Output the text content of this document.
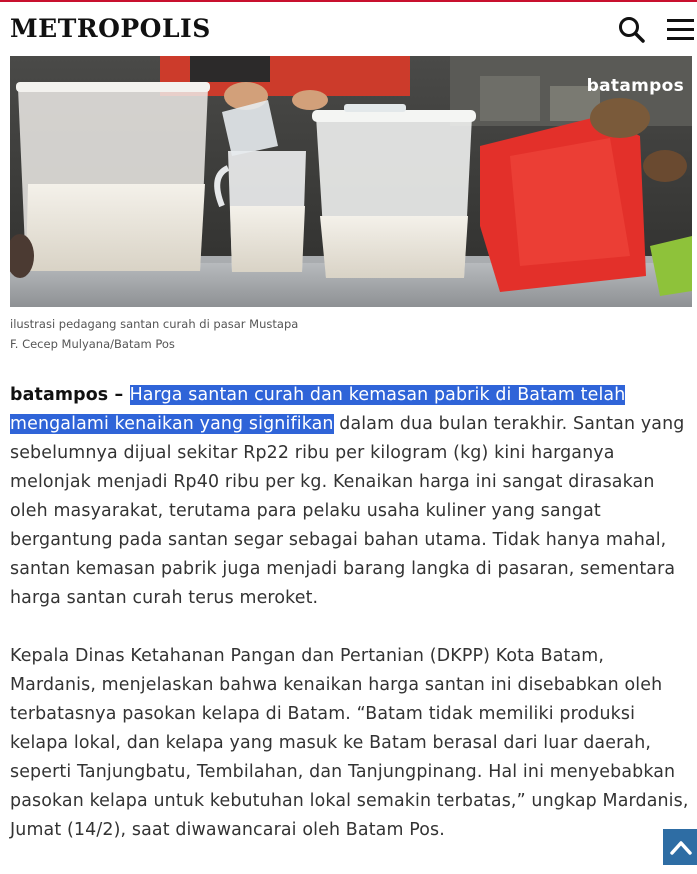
METROPOLIS
batampos
ilustrasi pedagang santan curah di pasar Mustapa
F. Cecep Mulyana/Batam Pos

batampos – Harga santan curah dan kemasan pabrik di Batam telah mengalami kenaikan yang signifikan dalam dua bulan terakhir. Santan yang sebelumnya dijual sekitar Rp22 ribu per kilogram (kg) kini harganya melonjak menjadi Rp40 ribu per kg. Kenaikan harga ini sangat dirasakan oleh masyarakat, terutama para pelaku usaha kuliner yang sangat bergantung pada santan segar sebagai bahan utama. Tidak hanya mahal, santan kemasan pabrik juga menjadi barang langka di pasaran, sementara harga santan curah terus meroket.

Kepala Dinas Ketahanan Pangan dan Pertanian (DKPP) Kota Batam, Mardanis, menjelaskan bahwa kenaikan harga santan ini disebabkan oleh terbatasnya pasokan kelapa di Batam. “Batam tidak memiliki produksi kelapa lokal, dan kelapa yang masuk ke Batam berasal dari luar daerah, seperti Tanjungbatu, Tembilahan, dan Tanjungpinang. Hal ini menyebabkan pasokan kelapa untuk kebutuhan lokal semakin terbatas,” ungkap Mardanis, Jumat (14/2), saat diwawancarai oleh Batam Pos.
